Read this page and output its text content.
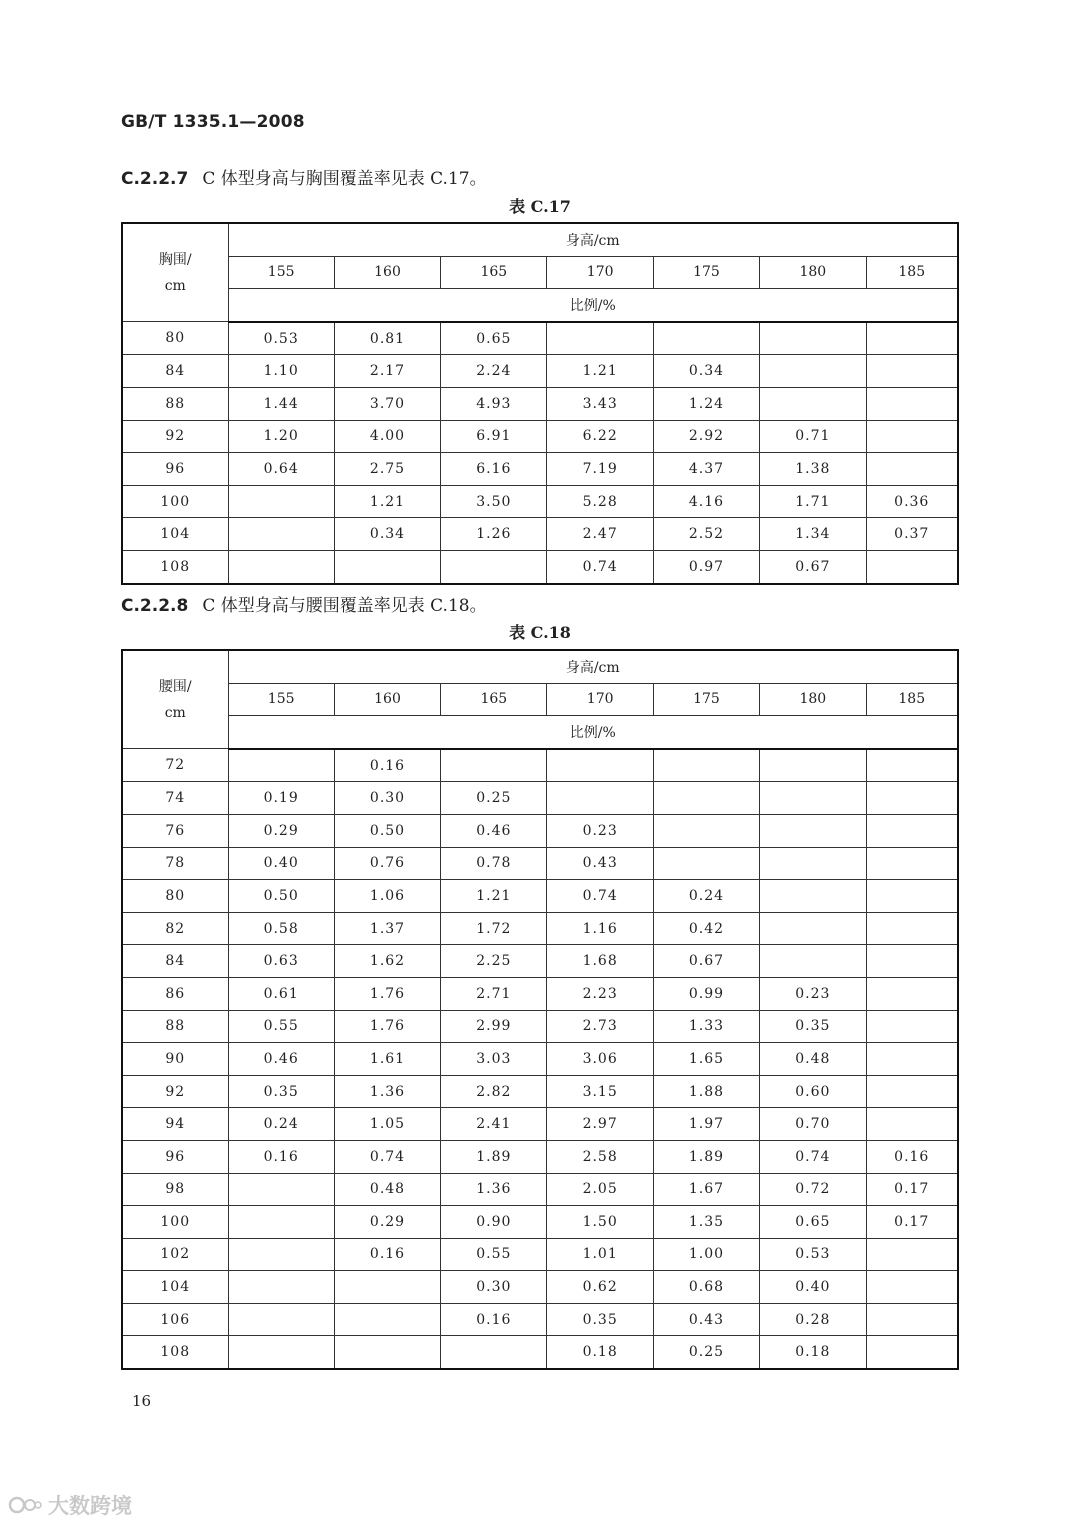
GB/T 1335.1—2008
C.2.2.7 C 体型身高与胸围覆盖率见表 C.17。
表 C.17
胸围/
cm	身高/cm						
	155	160	165	170	175	180	185
	比例/%						
80	0.53	0.81	0.65				
84	1.10	2.17	2.24	1.21	0.34		
88	1.44	3.70	4.93	3.43	1.24		
92	1.20	4.00	6.91	6.22	2.92	0.71	
96	0.64	2.75	6.16	7.19	4.37	1.38	
100		1.21	3.50	5.28	4.16	1.71	0.36
104		0.34	1.26	2.47	2.52	1.34	0.37
108				0.74	0.97	0.67	
C.2.2.8 C 体型身高与腰围覆盖率见表 C.18。
表 C.18
腰围/
cm	身高/cm						
	155	160	165	170	175	180	185
	比例/%						
72		0.16					
74	0.19	0.30	0.25				
76	0.29	0.50	0.46	0.23			
78	0.40	0.76	0.78	0.43			
80	0.50	1.06	1.21	0.74	0.24		
82	0.58	1.37	1.72	1.16	0.42		
84	0.63	1.62	2.25	1.68	0.67		
86	0.61	1.76	2.71	2.23	0.99	0.23	
88	0.55	1.76	2.99	2.73	1.33	0.35	
90	0.46	1.61	3.03	3.06	1.65	0.48	
92	0.35	1.36	2.82	3.15	1.88	0.60	
94	0.24	1.05	2.41	2.97	1.97	0.70	
96	0.16	0.74	1.89	2.58	1.89	0.74	0.16
98		0.48	1.36	2.05	1.67	0.72	0.17
100		0.29	0.90	1.50	1.35	0.65	0.17
102		0.16	0.55	1.01	1.00	0.53	
104			0.30	0.62	0.68	0.40	
106			0.16	0.35	0.43	0.28	
108				0.18	0.25	0.18	
16
大数跨境
